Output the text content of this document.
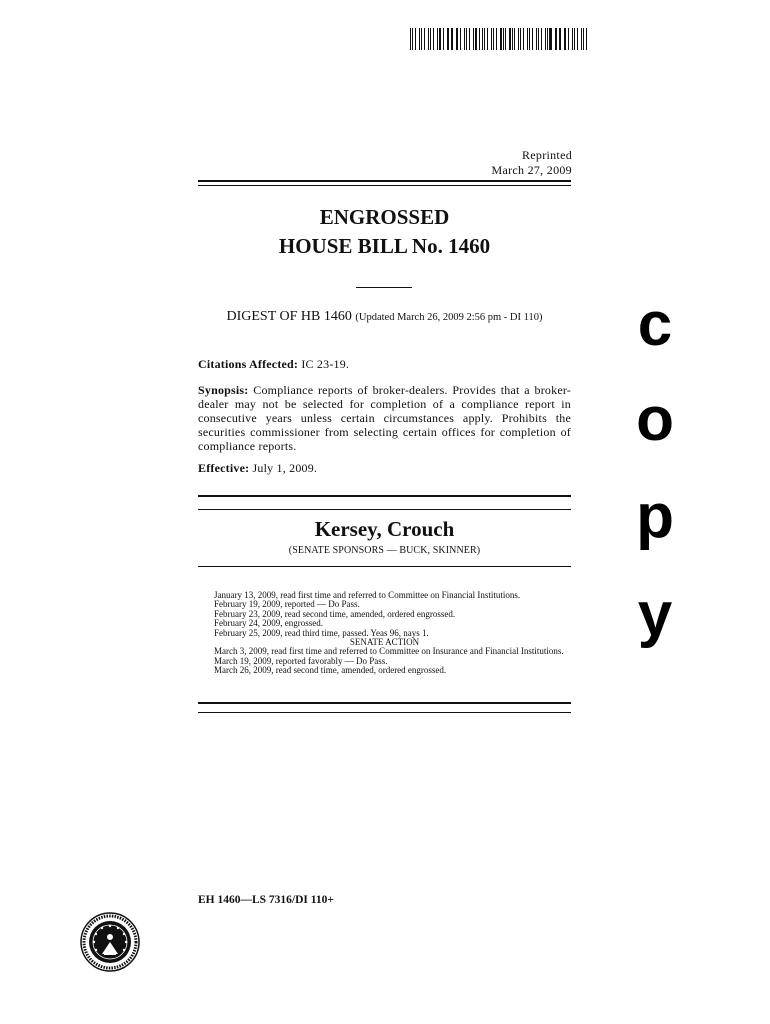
Reprinted
March 27, 2009
ENGROSSED
HOUSE BILL No. 1460
DIGEST OF HB 1460 (Updated March 26, 2009 2:56 pm - DI 110)
Citations Affected: IC 23-19.
Synopsis: Compliance reports of broker-dealers. Provides that a broker-dealer may not be selected for completion of a compliance report in consecutive years unless certain circumstances apply. Prohibits the securities commissioner from selecting certain offices for completion of compliance reports.
Effective: July 1, 2009.
Kersey, Crouch
(SENATE SPONSORS — BUCK, SKINNER)
January 13, 2009, read first time and referred to Committee on Financial Institutions.
February 19, 2009, reported — Do Pass.
February 23, 2009, read second time, amended, ordered engrossed.
February 24, 2009, engrossed.
February 25, 2009, read third time, passed. Yeas 96, nays 1.
SENATE ACTION
March 3, 2009, read first time and referred to Committee on Insurance and Financial Institutions.
March 19, 2009, reported favorably — Do Pass.
March 26, 2009, read second time, amended, ordered engrossed.
EH 1460—LS 7316/DI 110+
c
o
p
y
